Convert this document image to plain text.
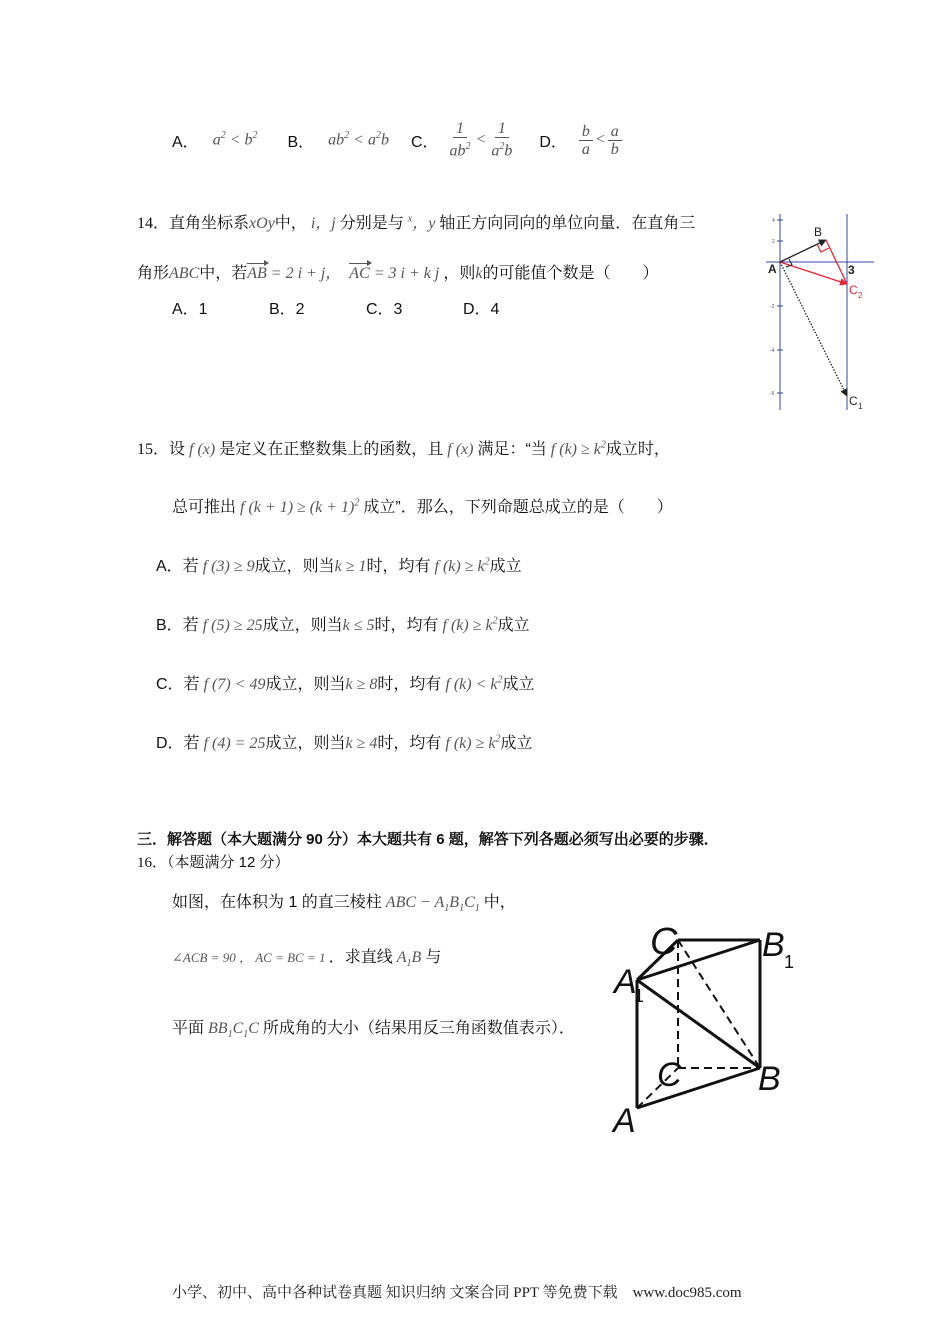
A． $a^2 < b^2$ B． $ab^2 < a^2b$ C． $\frac{1}{ab^2} < \frac{1}{a^2b}$ D． $\frac{b}{a} < \frac{a}{b}$
14．直角坐标系xOy中， i，j 分别是与 $^x$，y 轴正方向同向的单位向量．在直角三
角形ABC中，若AB = 2 i + j，  AC = 3 i + k j ，则k的可能值个数是（　　）
A．1	B．2	C．3	D．4
4
2
-2
-4
-6
A
B
3
C 2
C 1
15．设 f (x) 是定义在正整数集上的函数，且 f (x) 满足：“当 f $(k) \ge k^2$成立时，
总可推出 f $(k + 1) \ge (k + 1)^2$ 成立”．那么，下列命题总成立的是（　　）
A．若 f (3) ≥ 9成立，则当k ≥ 1时，均有 f $(k) \ge k^2$成立
B．若 f (5) ≥ 25成立，则当k ≤ 5时，均有 f $(k) \ge k^2$成立
C．若 f (7) < 49成立，则当k ≥ 8时，均有 f $(k) < k^2$成立
D．若 f (4) = 25成立，则当k ≥ 4时，均有 f $(k) \ge k^2$成立
三．解答题（本大题满分 90 分）本大题共有 6 题，解答下列各题必须写出必要的步骤．
16．（本题满分 12 分）
如图，在体积为 1 的直三棱柱 ABC − $A_1B_1C_1$ 中，
∠ACB = 90 ， AC = BC = 1 ．求直线 $A_1B$ 与
平面 $BB_1C_1C$ 所成角的大小（结果用反三角函数值表示）．
C B 1
A
1
C B
A
小学、初中、高中各种试卷真题 知识归纳 文案合同 PPT 等免费下载　www.doc985.com
